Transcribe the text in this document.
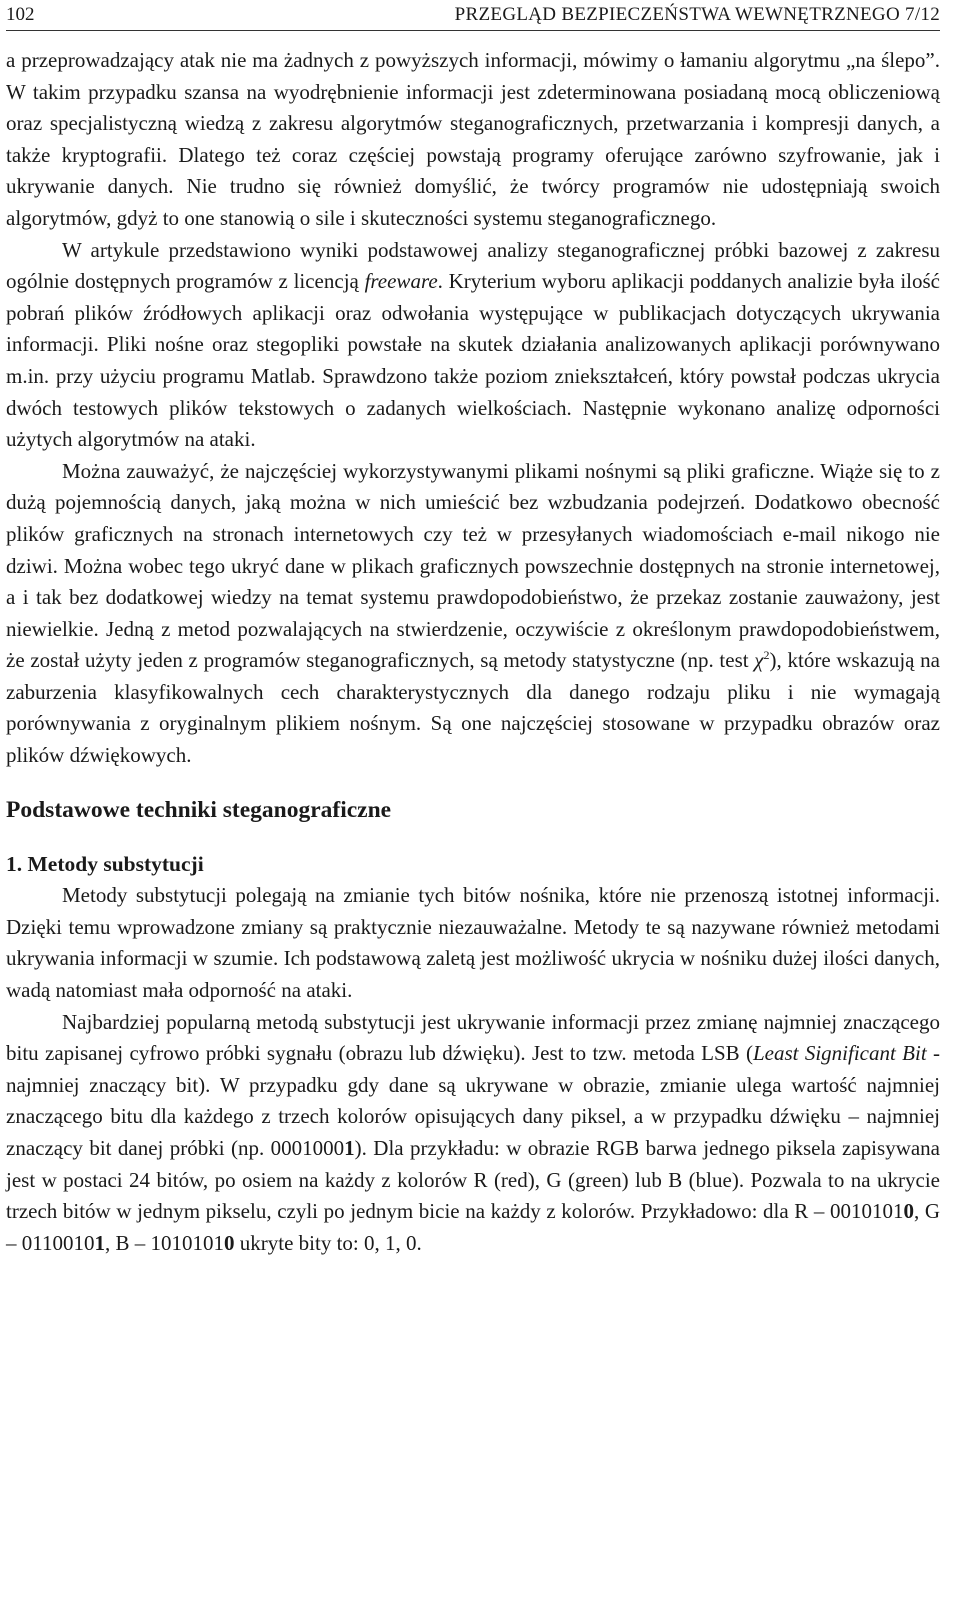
102	PRZEGLĄD BEZPIECZEŃSTWA WEWNĘTRZNEGO 7/12

a przeprowadzający atak nie ma żadnych z powyższych informacji, mówimy o łamaniu algorytmu „na ślepo”. W takim przypadku szansa na wyodrębnienie informacji jest zdeterminowana posiadaną mocą obliczeniową oraz specjalistyczną wiedzą z zakresu algorytmów steganograficznych, przetwarzania i kompresji danych, a także kryptografii. Dlatego też coraz częściej powstają programy oferujące zarówno szyfrowanie, jak i ukrywanie danych. Nie trudno się również domyślić, że twórcy programów nie udostępniają swoich algorytmów, gdyż to one stanowią o sile i skuteczności systemu steganograficznego.

W artykule przedstawiono wyniki podstawowej analizy steganograficznej próbki bazowej z zakresu ogólnie dostępnych programów z licencją freeware. Kryterium wyboru aplikacji poddanych analizie była ilość pobrań plików źródłowych aplikacji oraz odwołania występujące w publikacjach dotyczących ukrywania informacji. Pliki nośne oraz stegopliki powstałe na skutek działania analizowanych aplikacji porównywano m.in. przy użyciu programu Matlab. Sprawdzono także poziom zniekształceń, który powstał podczas ukrycia dwóch testowych plików tekstowych o zadanych wielkościach. Następnie wykonano analizę odporności użytych algorytmów na ataki.

Można zauważyć, że najczęściej wykorzystywanymi plikami nośnymi są pliki graficzne. Wiąże się to z dużą pojemnością danych, jaką można w nich umieścić bez wzbudzania podejrzeń. Dodatkowo obecność plików graficznych na stronach internetowych czy też w przesyłanych wiadomościach e-mail nikogo nie dziwi. Można wobec tego ukryć dane w plikach graficznych powszechnie dostępnych na stronie internetowej, a i tak bez dodatkowej wiedzy na temat systemu prawdopodobieństwo, że przekaz zostanie zauważony, jest niewielkie. Jedną z metod pozwalających na stwierdzenie, oczywiście z określonym prawdopodobieństwem, że został użyty jeden z programów steganograficznych, są metody statystyczne (np. test $\chi^2$), które wskazują na zaburzenia klasyfikowalnych cech charakterystycznych dla danego rodzaju pliku i nie wymagają porównywania z oryginalnym plikiem nośnym. Są one najczęściej stosowane w przypadku obrazów oraz plików dźwiękowych.

Podstawowe techniki steganograficzne
1. Metody substytucji

Metody substytucji polegają na zmianie tych bitów nośnika, które nie przenoszą istotnej informacji. Dzięki temu wprowadzone zmiany są praktycznie niezauważalne. Metody te są nazywane również metodami ukrywania informacji w szumie. Ich podstawową zaletą jest możliwość ukrycia w nośniku dużej ilości danych, wadą natomiast mała odporność na ataki.

Najbardziej popularną metodą substytucji jest ukrywanie informacji przez zmianę najmniej znaczącego bitu zapisanej cyfrowo próbki sygnału (obrazu lub dźwięku). Jest to tzw. metoda LSB (Least Significant Bit - najmniej znaczący bit). W przypadku gdy dane są ukrywane w obrazie, zmianie ulega wartość najmniej znaczącego bitu dla każdego z trzech kolorów opisujących dany piksel, a w przypadku dźwięku – najmniej znaczący bit danej próbki (np. 00010001). Dla przykładu: w obrazie RGB barwa jednego piksela zapisywana jest w postaci 24 bitów, po osiem na każdy z kolorów R (red), G (green) lub B (blue). Pozwala to na ukrycie trzech bitów w jednym pikselu, czyli po jednym bicie na każdy z kolorów. Przykładowo: dla R – 00101010, G – 01100101, B – 10101010 ukryte bity to: 0, 1, 0.
